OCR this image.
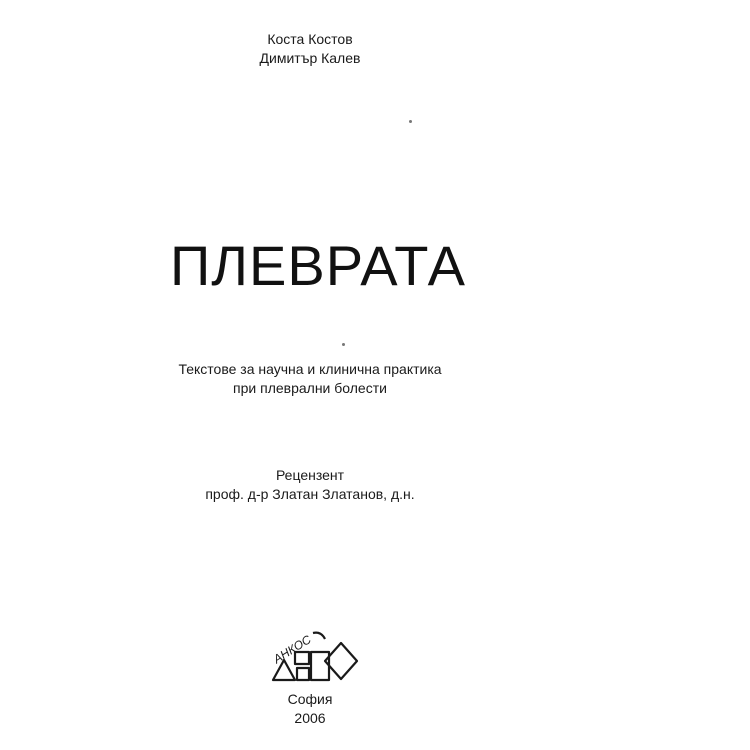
Коста Костов
Димитър Калев
ПЛЕВРАТА
Текстове за научна и клинична практика
при плеврални болести
Рецензент
проф. д-р Златан Златанов, д.н.
АНКОС
София
2006
